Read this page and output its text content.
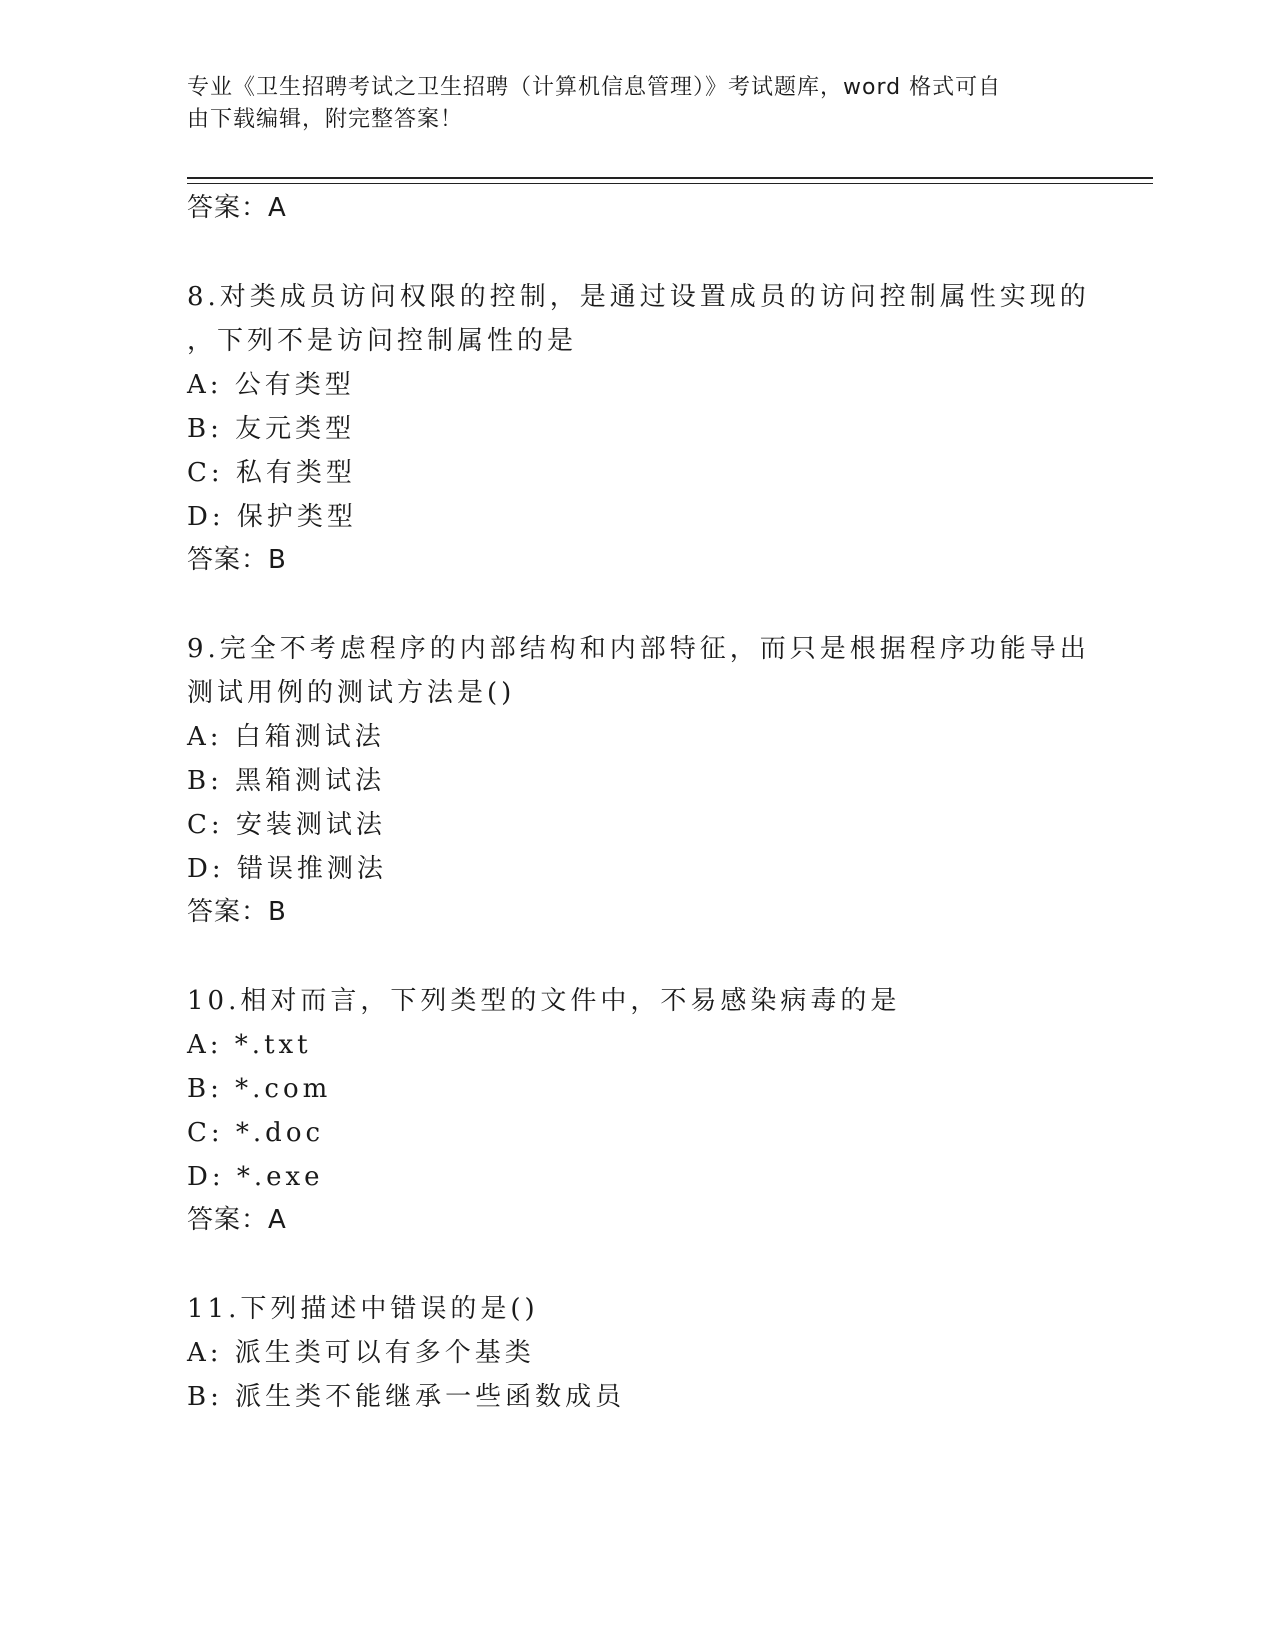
专业《卫生招聘考试之卫生招聘（计算机信息管理）》考试题库，word 格式可自
由下载编辑，附完整答案！
答案：A
8.对类成员访问权限的控制，是通过设置成员的访问控制属性实现的
，下列不是访问控制属性的是
A: 公有类型
B: 友元类型
C: 私有类型
D: 保护类型
答案：B
9.完全不考虑程序的内部结构和内部特征，而只是根据程序功能导出
测试用例的测试方法是()
A: 白箱测试法
B: 黑箱测试法
C: 安装测试法
D: 错误推测法
答案：B
10.相对而言，下列类型的文件中，不易感染病毒的是
A: *.txt
B: *.com
C: *.doc
D: *.exe
答案：A
11.下列描述中错误的是()
A: 派生类可以有多个基类
B: 派生类不能继承一些函数成员
